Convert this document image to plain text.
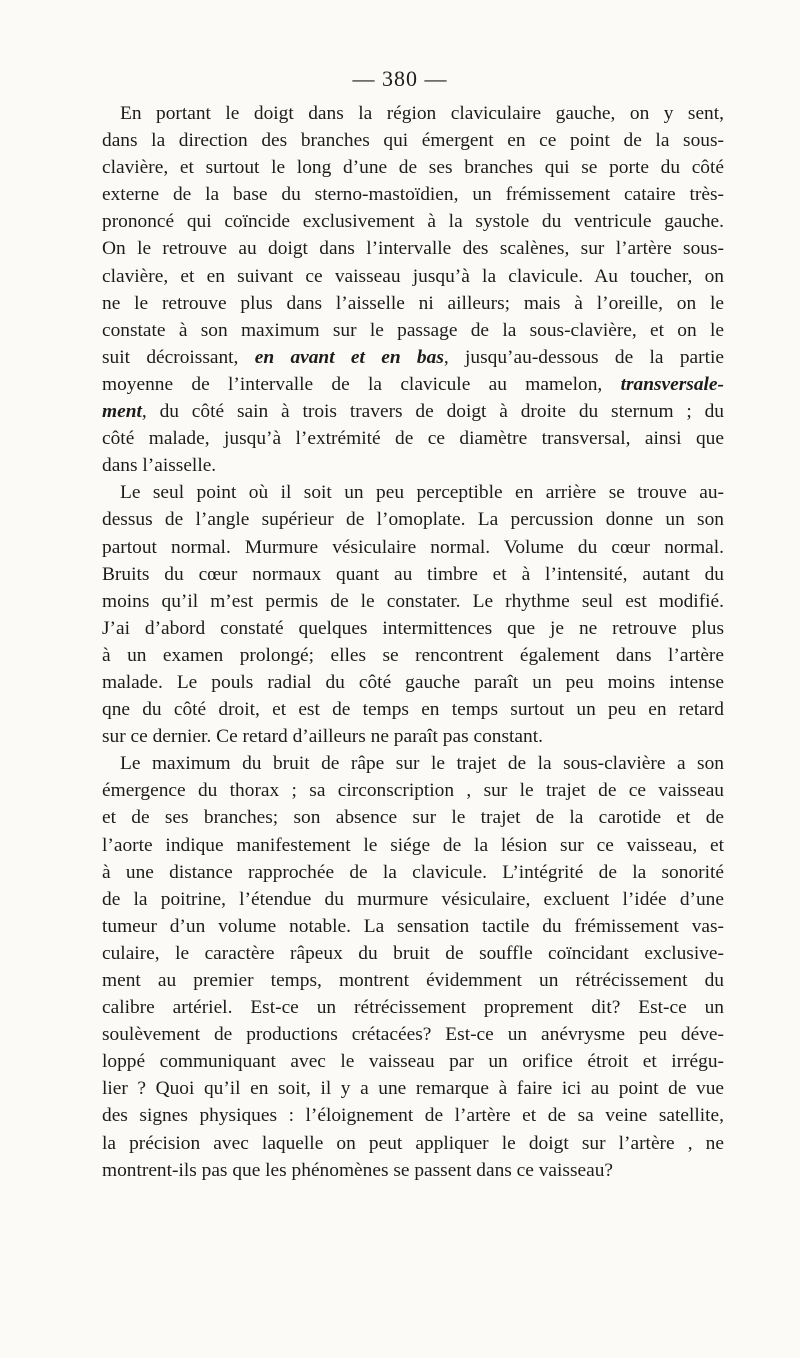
— 380 —
En portant le doigt dans la région claviculaire gauche, on y sent,
dans la direction des branches qui émergent en ce point de la sous-
clavière, et surtout le long d’une de ses branches qui se porte du côté
externe de la base du sterno-mastoïdien, un frémissement cataire très-
prononcé qui coïncide exclusivement à la systole du ventricule gauche.
On le retrouve au doigt dans l’intervalle des scalènes, sur l’artère sous-
clavière, et en suivant ce vaisseau jusqu’à la clavicule. Au toucher, on
ne le retrouve plus dans l’aisselle ni ailleurs; mais à l’oreille, on le
constate à son maximum sur le passage de la sous-clavière, et on le
suit décroissant, en avant et en bas, jusqu’au-dessous de la partie
moyenne de l’intervalle de la clavicule au mamelon, transversale-
ment, du côté sain à trois travers de doigt à droite du sternum ; du
côté malade, jusqu’à l’extrémité de ce diamètre transversal, ainsi que
dans l’aisselle.
Le seul point où il soit un peu perceptible en arrière se trouve au-
dessus de l’angle supérieur de l’omoplate. La percussion donne un son
partout normal. Murmure vésiculaire normal. Volume du cœur normal.
Bruits du cœur normaux quant au timbre et à l’intensité, autant du
moins qu’il m’est permis de le constater. Le rhythme seul est modifié.
J’ai d’abord constaté quelques intermittences que je ne retrouve plus
à un examen prolongé; elles se rencontrent également dans l’artère
malade. Le pouls radial du côté gauche paraît un peu moins intense
qne du côté droit, et est de temps en temps surtout un peu en retard
sur ce dernier. Ce retard d’ailleurs ne paraît pas constant.
Le maximum du bruit de râpe sur le trajet de la sous-clavière a son
émergence du thorax ; sa circonscription , sur le trajet de ce vaisseau
et de ses branches; son absence sur le trajet de la carotide et de
l’aorte indique manifestement le siége de la lésion sur ce vaisseau, et
à une distance rapprochée de la clavicule. L’intégrité de la sonorité
de la poitrine, l’étendue du murmure vésiculaire, excluent l’idée d’une
tumeur d’un volume notable. La sensation tactile du frémissement vas-
culaire, le caractère râpeux du bruit de souffle coïncidant exclusive-
ment au premier temps, montrent évidemment un rétrécissement du
calibre artériel. Est-ce un rétrécissement proprement dit? Est-ce un
soulèvement de productions crétacées? Est-ce un anévrysme peu déve-
loppé communiquant avec le vaisseau par un orifice étroit et irrégu-
lier ? Quoi qu’il en soit, il y a une remarque à faire ici au point de vue
des signes physiques : l’éloignement de l’artère et de sa veine satellite,
la précision avec laquelle on peut appliquer le doigt sur l’artère , ne
montrent-ils pas que les phénomènes se passent dans ce vaisseau?
